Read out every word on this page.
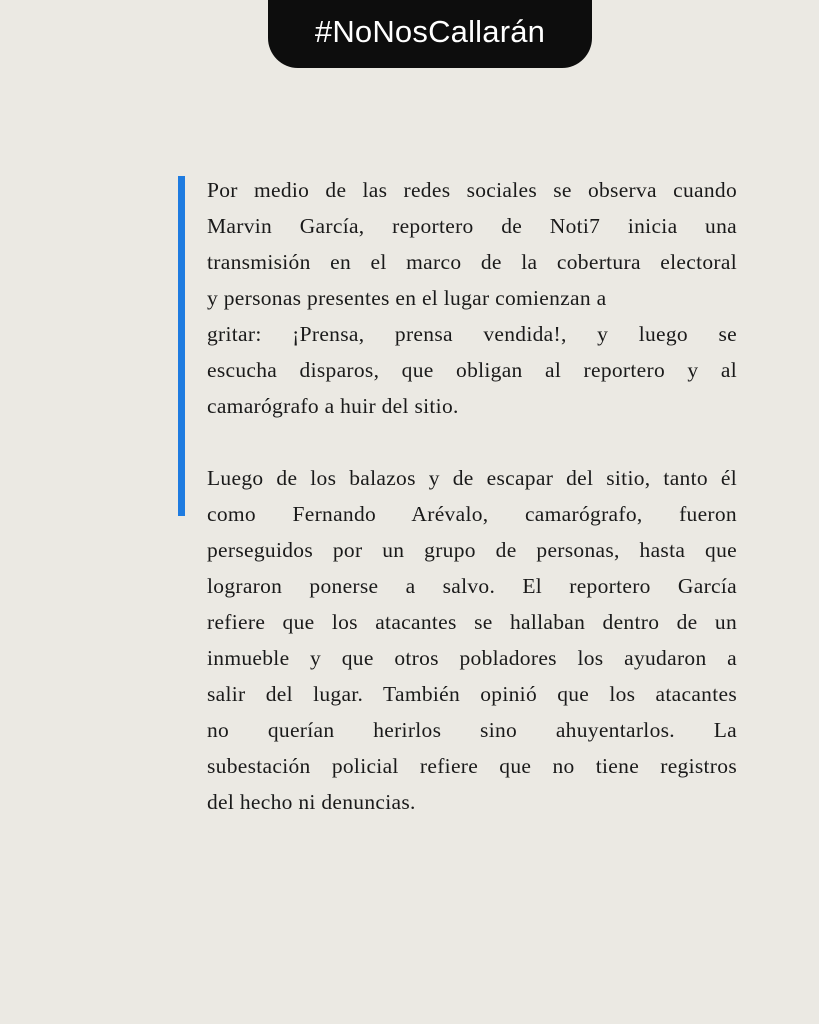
#NoNosCallarán
Por medio de las redes sociales se observa cuando
Marvin García, reportero de Noti7 inicia una
transmisión en el marco de la cobertura electoral
y personas presentes en el lugar comienzan a
gritar: ¡Prensa, prensa vendida!, y luego se
escucha disparos, que obligan al reportero y al
camarógrafo a huir del sitio.
Luego de los balazos y de escapar del sitio, tanto él
como Fernando Arévalo, camarógrafo, fueron
perseguidos por un grupo de personas, hasta que
lograron ponerse a salvo. El reportero García
refiere que los atacantes se hallaban dentro de un
inmueble y que otros pobladores los ayudaron a
salir del lugar. También opinió que los atacantes
no querían herirlos sino ahuyentarlos. La
subestación policial refiere que no tiene registros
del hecho ni denuncias.
